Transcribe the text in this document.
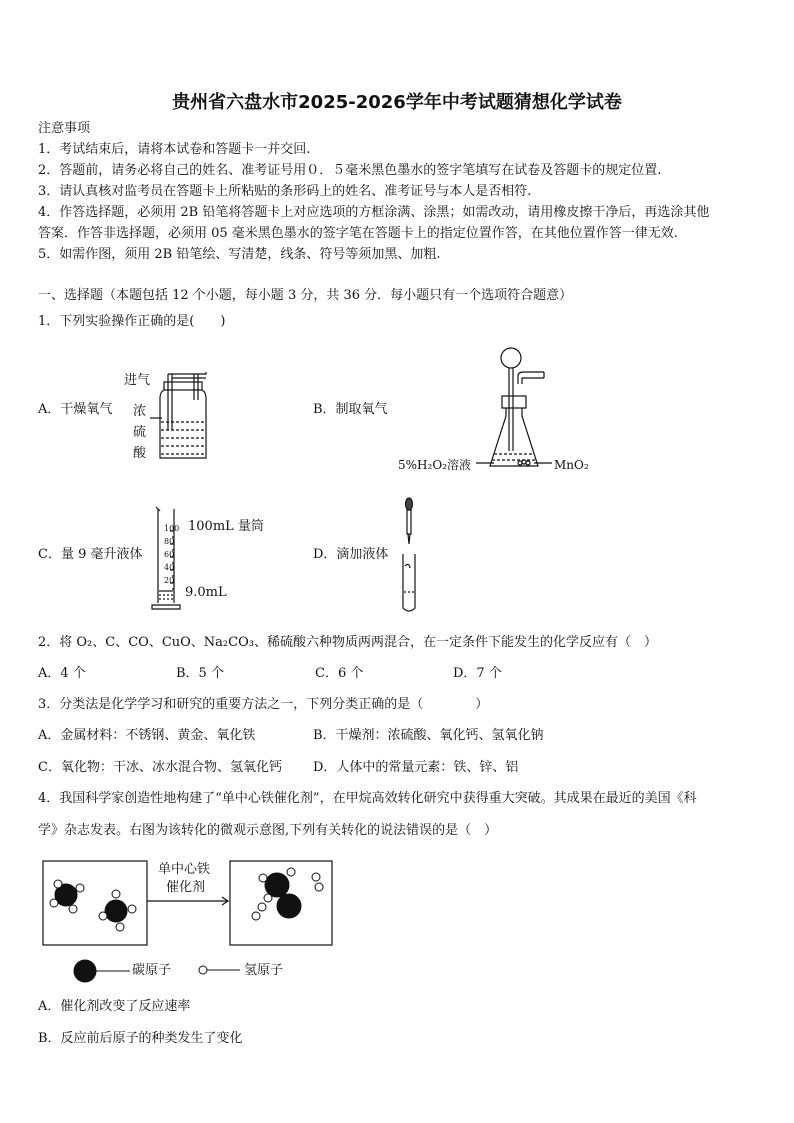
贵州省六盘水市2025-2026学年中考试题猜想化学试卷
注意事项
1．考试结束后，请将本试卷和答题卡一并交回.
2．答题前，请务必将自己的姓名、准考证号用０．５毫米黑色墨水的签字笔填写在试卷及答题卡的规定位置.
3．请认真核对监考员在答题卡上所粘贴的条形码上的姓名、准考证号与本人是否相符.
4．作答选择题，必须用 2B 铅笔将答题卡上对应选项的方框涂满、涂黑；如需改动，请用橡皮擦干净后，再选涂其他
答案．作答非选择题，必须用 05 毫米黑色墨水的签字笔在答题卡上的指定位置作答，在其他位置作答一律无效.
5．如需作图，须用 2B 铅笔绘、写清楚，线条、符号等须加黑、加粗.
一、选择题（本题包括 12 个小题，每小题 3 分，共 36 分．每小题只有一个选项符合题意）
1．下列实验操作正确的是(　　)
A．干燥氧气	B．制取氧气
C．量 9 毫升液体	D．滴加液体
进气
浓
硫
酸
5%H₂O₂溶液	MnO₂
100
80
60
40
20
100mL 量筒
9.0mL
2．将 O₂、C、CO、CuO、Na₂CO₃、稀硫酸六种物质两两混合，在一定条件下能发生的化学反应有（　）
A．4 个	B．5 个	C．6 个	D．7 个
3．分类法是化学学习和研究的重要方法之一，下列分类正确的是（　　　　）
A．金属材料：不锈钢、黄金、氧化铁	B．干燥剂：浓硫酸、氧化钙、氢氧化钠
C．氧化物：干冰、冰水混合物、氢氧化钙 D．人体中的常量元素：铁、锌、铝
4．我国科学家创造性地构建了“单中心铁催化剂”，在甲烷高效转化研究中获得重大突破。其成果在最近的美国《科
学》杂志发表。右图为该转化的微观示意图,下列有关转化的说法错误的是（　）
单中心铁
催化剂
碳原子	氢原子
A．催化剂改变了反应速率
B．反应前后原子的种类发生了变化
